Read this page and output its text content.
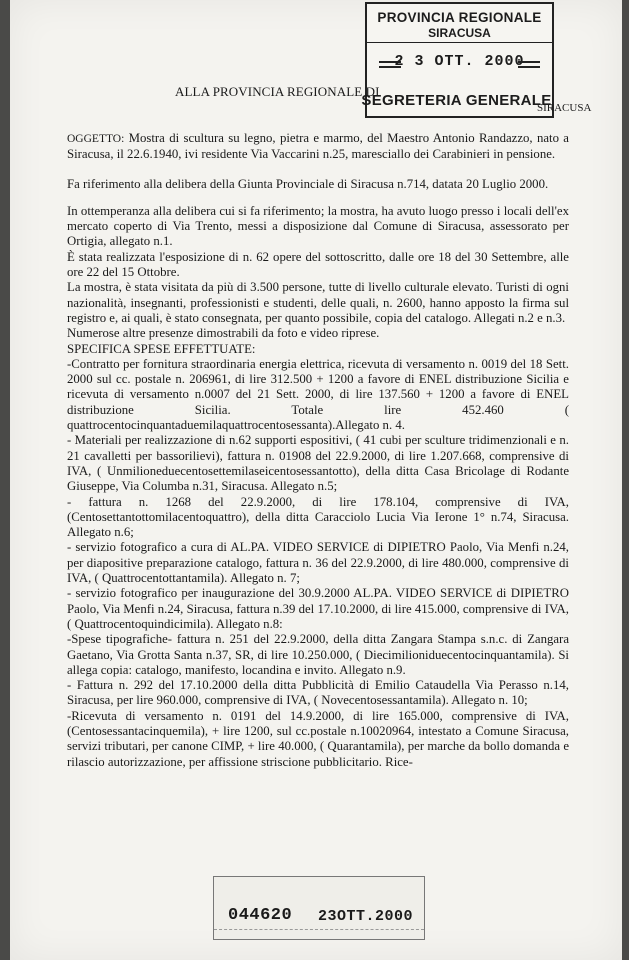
PROVINCIA REGIONALE
SIRACUSA
2 3 OTT. 2000
SEGRETERIA GENERALE
ALLA PROVINCIA REGIONALE DI
SIRACUSA

OGGETTO: Mostra di scultura su legno, pietra e marmo, del Maestro Antonio Randazzo, nato a Siracusa, il 22.6.1940, ivi residente Via Vaccarini n.25, maresciallo dei Carabinieri in pensione.

Fa riferimento alla delibera della Giunta Provinciale di Siracusa n.714, datata 20 Luglio 2000.

In ottemperanza alla delibera cui si fa riferimento; la mostra, ha avuto luogo presso i locali dell'ex mercato coperto di Via Trento, messi a disposizione dal Comune di Siracusa, assessorato per Ortigia, allegato n.1.

È stata realizzata l'esposizione di n. 62 opere del sottoscritto, dalle ore 18 del 30 Settembre, alle ore 22 del 15 Ottobre.

La mostra, è stata visitata da più di 3.500 persone, tutte di livello culturale elevato. Turisti di ogni nazionalità, insegnanti, professionisti e studenti, delle quali, n. 2600, hanno apposto la firma sul registro e, ai quali, è stato consegnata, per quanto possibile, copia del catalogo. Allegati n.2 e n.3.

Numerose altre presenze dimostrabili da foto e video riprese.

SPECIFICA SPESE EFFETTUATE:

-Contratto per fornitura straordinaria energia elettrica, ricevuta di versamento n. 0019 del 18 Sett. 2000 sul cc. postale n. 206961, di lire 312.500 + 1200 a favore di ENEL distribuzione Sicilia e ricevuta di versamento n.0007 del 21 Sett. 2000, di lire 137.560 + 1200 a favore di ENEL distribuzione Sicilia. Totale lire 452.460 ( quattrocentocinquantaduemilaquattrocentosessanta).Allegato n. 4.

- Materiali per realizzazione di n.62 supporti espositivi, ( 41 cubi per sculture tridimenzionali e n. 21 cavalletti per bassorilievi), fattura n. 01908 del 22.9.2000, di lire 1.207.668, comprensive di IVA, ( Unmilioneduecentosettemilaseicentosessantotto), della ditta Casa Bricolage di Rodante Giuseppe, Via Columba n.31, Siracusa. Allegato n.5;

- fattura n. 1268 del 22.9.2000, di lire 178.104, comprensive di IVA, (Centosettantottomilacentoquattro), della ditta Caracciolo Lucia Via Ierone 1° n.74, Siracusa. Allegato n.6;

- servizio fotografico a cura di AL.PA. VIDEO SERVICE di DIPIETRO Paolo, Via Menfi n.24, per diapositive preparazione catalogo, fattura n. 36 del 22.9.2000, di lire 480.000, comprensive di IVA, ( Quattrocentottantamila). Allegato n. 7;

- servizio fotografico per inaugurazione del 30.9.2000 AL.PA. VIDEO SERVICE di DIPIETRO Paolo, Via Menfi n.24, Siracusa, fattura n.39 del 17.10.2000, di lire 415.000, comprensive di IVA, ( Quattrocentoquindicimila). Allegato n.8:

-Spese tipografiche- fattura n. 251 del 22.9.2000, della ditta Zangara Stampa s.n.c. di Zangara Gaetano, Via Grotta Santa n.37, SR, di lire 10.250.000, ( Diecimilioniduecentocinquantamila). Si allega copia: catalogo, manifesto, locandina e invito. Allegato n.9.

- Fattura n. 292 del 17.10.2000 della ditta Pubblicità di Emilio Cataudella Via Perasso n.14, Siracusa, per lire 960.000, comprensive di IVA, ( Novecentosessantamila). Allegato n. 10;

-Ricevuta di versamento n. 0191 del 14.9.2000, di lire 165.000, comprensive di IVA, (Centosessantacinquemila), + lire 1200, sul cc.postale n.10020964, intestato a Comune Siracusa, servizi tributari, per canone CIMP, + lire 40.000, ( Quarantamila), per marche da bollo domanda e rilascio autorizzazione, per affissione striscione pubblicitario. Rice-

044620 23OTT.2000
